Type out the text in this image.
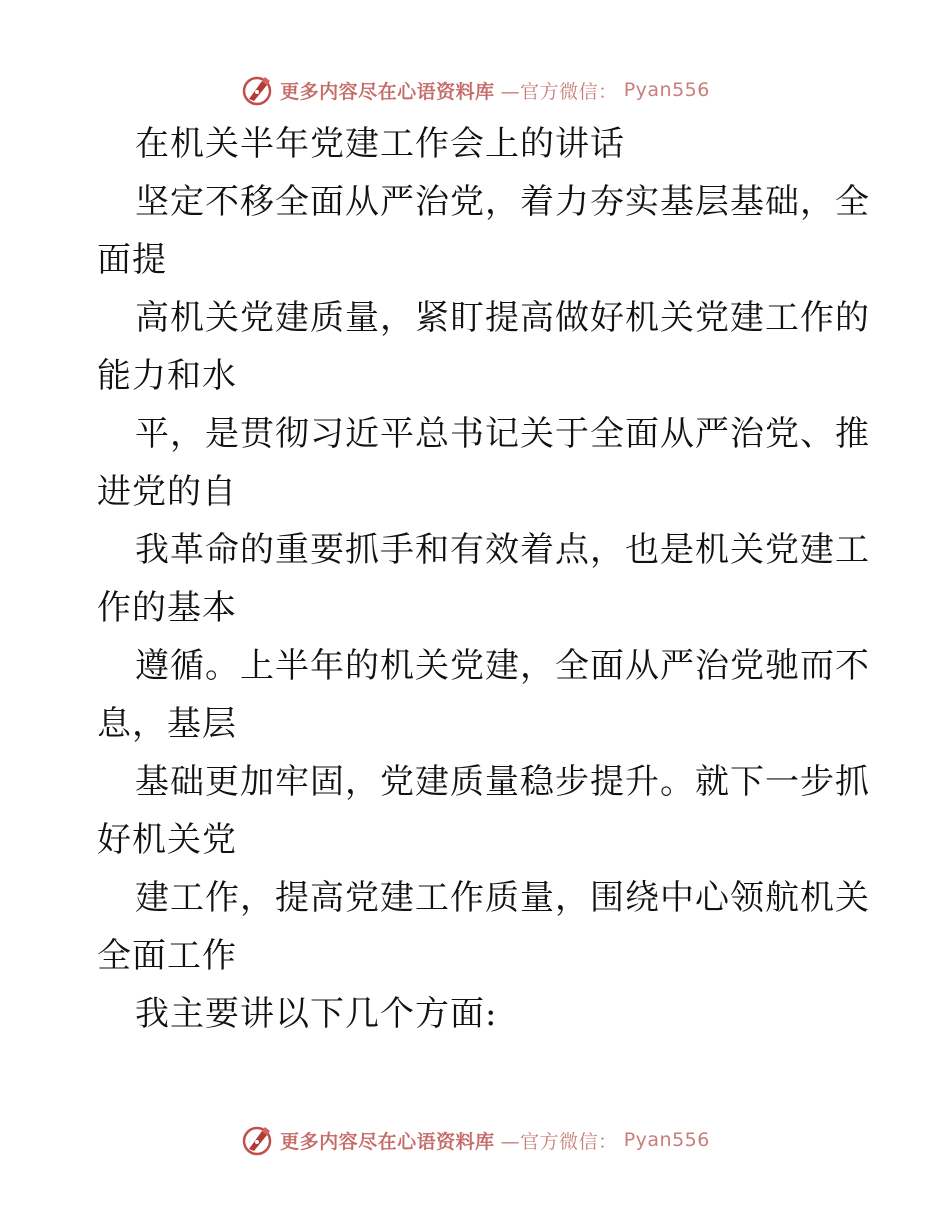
更多内容尽在心语资料库 —官方微信： Pyan556
在机关半年党建工作会上的讲话
坚定不移全面从严治党，着力夯实基层基础，全
面提
高机关党建质量，紧盯提高做好机关党建工作的
能力和水
平，是贯彻习近平总书记关于全面从严治党、推
进党的自
我革命的重要抓手和有效着点，也是机关党建工
作的基本
遵循。上半年的机关党建，全面从严治党驰而不
息，基层
基础更加牢固，党建质量稳步提升。就下一步抓
好机关党
建工作，提高党建工作质量，围绕中心领航机关
全面工作
我主要讲以下几个方面:
更多内容尽在心语资料库 —官方微信： Pyan556
